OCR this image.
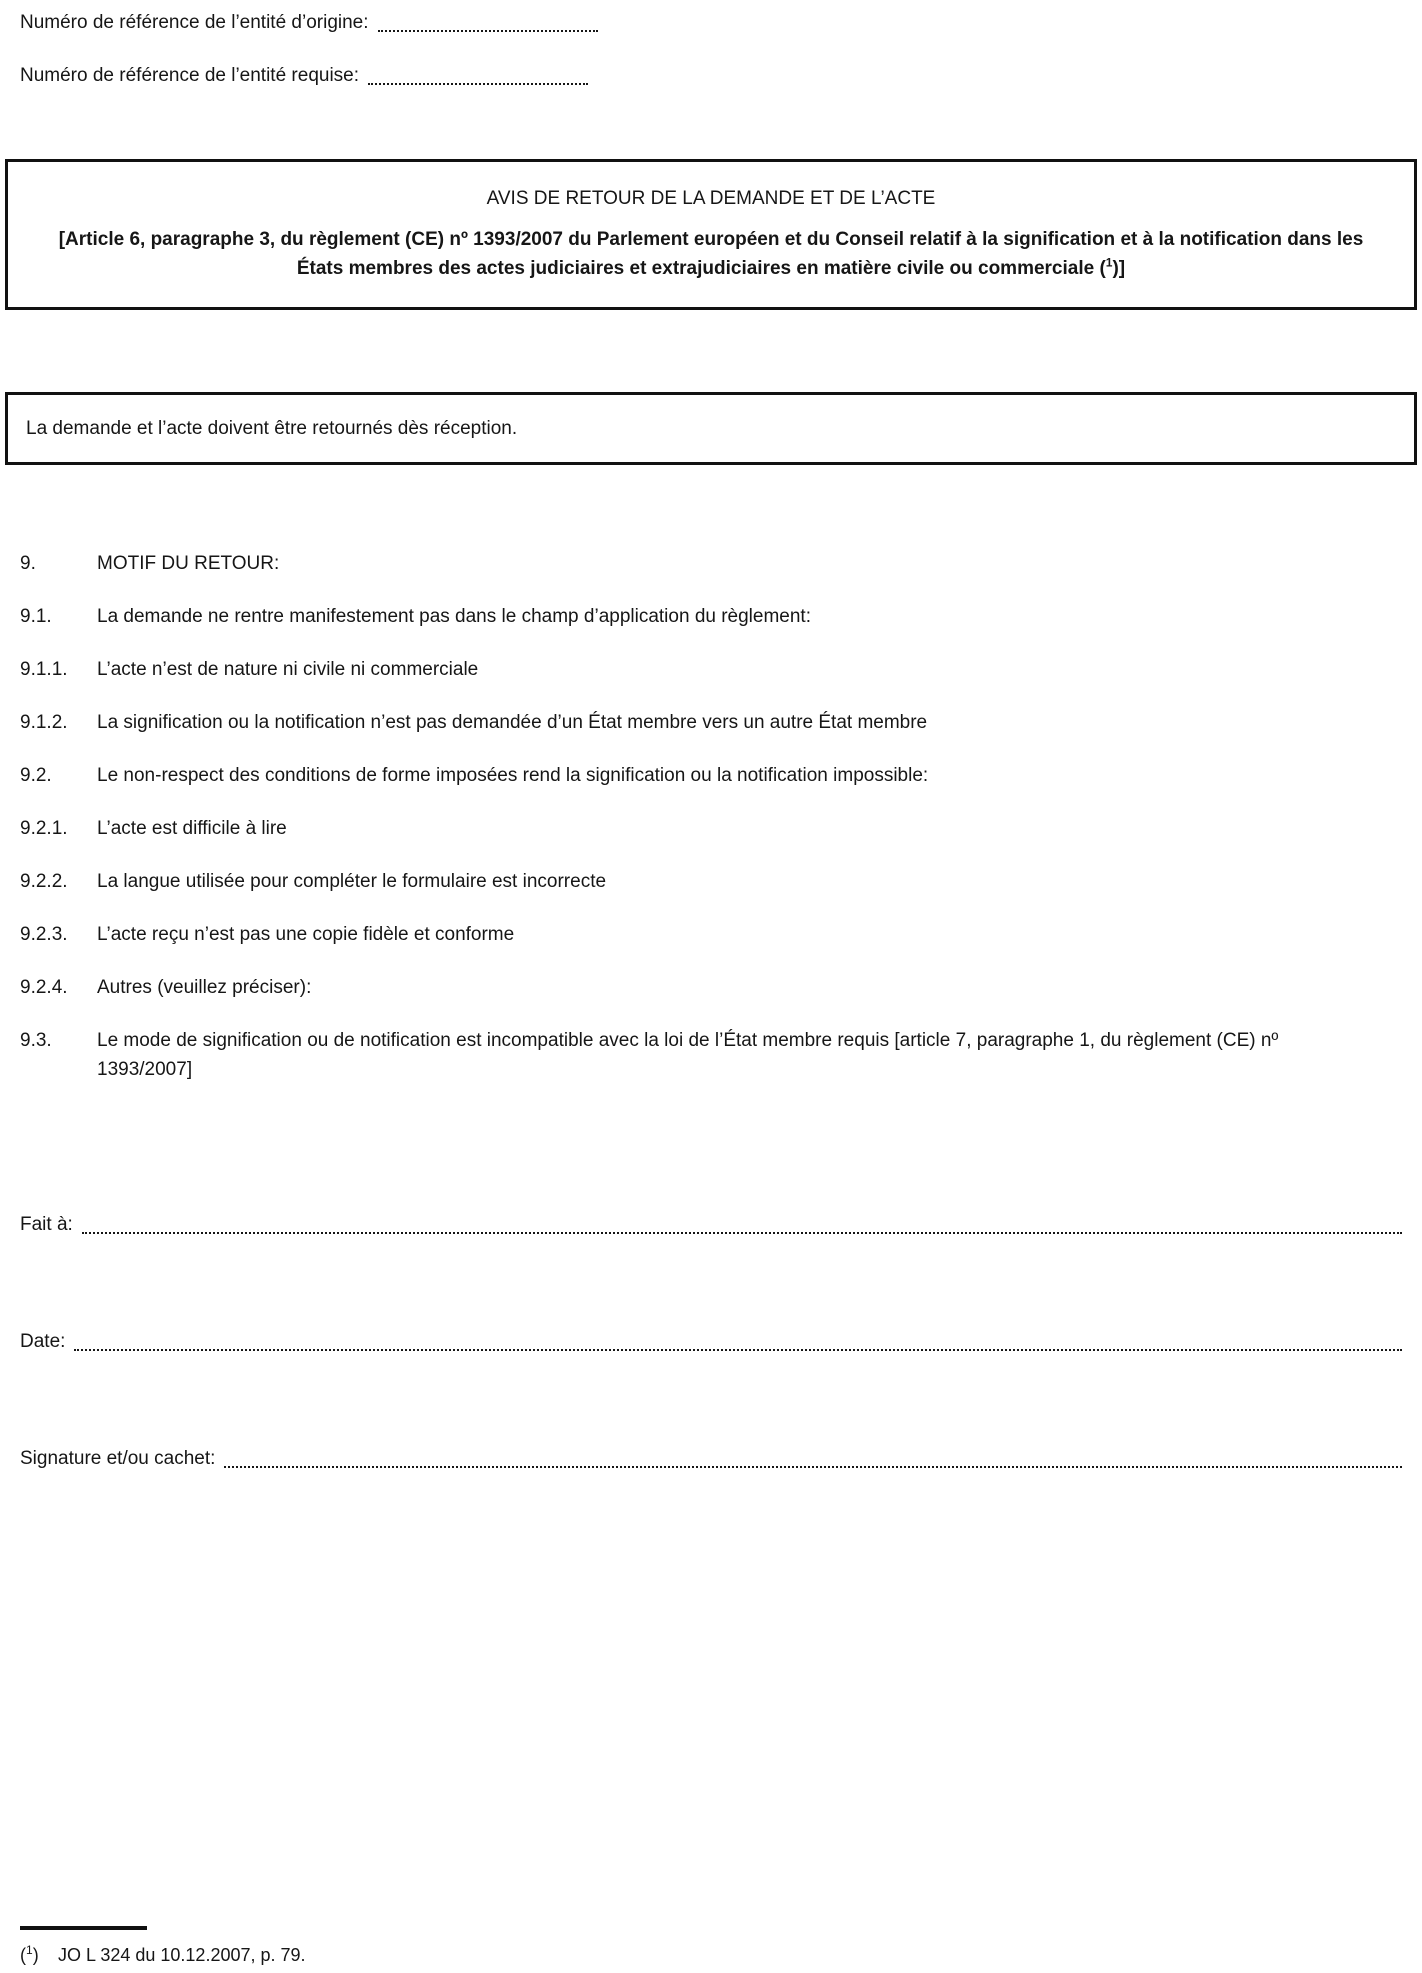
Numéro de référence de l’entité d’origine:
Numéro de référence de l’entité requise:
AVIS DE RETOUR DE LA DEMANDE ET DE L’ACTE
[Article 6, paragraphe 3, du règlement (CE) nº 1393/2007 du Parlement européen et du Conseil relatif à la signification et à la notification dans les États membres des actes judiciaires et extrajudiciaires en matière civile ou commerciale ($^1$)]
La demande et l’acte doivent être retournés dès réception.
9.	MOTIF DU RETOUR:
9.1.	La demande ne rentre manifestement pas dans le champ d’application du règlement:
9.1.1.	L’acte n’est de nature ni civile ni commerciale
9.1.2.	La signification ou la notification n’est pas demandée d’un État membre vers un autre État membre
9.2.	Le non-respect des conditions de forme imposées rend la signification ou la notification impossible:
9.2.1.	L’acte est difficile à lire
9.2.2.	La langue utilisée pour compléter le formulaire est incorrecte
9.2.3.	L’acte reçu n’est pas une copie fidèle et conforme
9.2.4.	Autres (veuillez préciser):
9.3.	Le mode de signification ou de notification est incompatible avec la loi de l’État membre requis [article 7, paragraphe 1, du règlement (CE) nº 1393/2007]
Fait à:
Date:
Signature et/ou cachet:
($^1$)	JO L 324 du 10.12.2007, p. 79.
